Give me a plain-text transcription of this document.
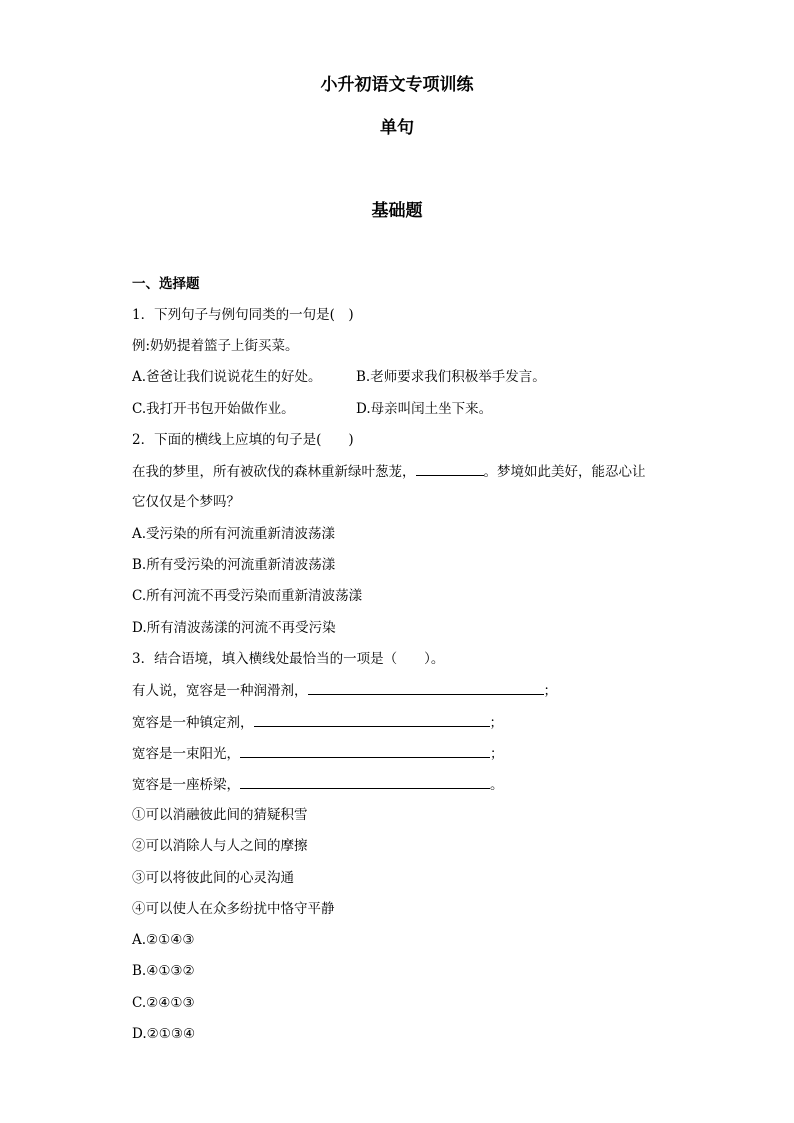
小升初语文专项训练
单句
基础题
一、选择题
1．下列句子与例句同类的一句是(　)
例:奶奶提着篮子上街买菜。
A.爸爸让我们说说花生的好处。	B.老师要求我们积极举手发言。
C.我打开书包开始做作业。	D.母亲叫闰土坐下来。
2．下面的横线上应填的句子是(　　)
在我的梦里，所有被砍伐的森林重新绿叶葱茏，	。梦境如此美好，能忍心让
它仅仅是个梦吗？
A.受污染的所有河流重新清波荡漾
B.所有受污染的河流重新清波荡漾
C.所有河流不再受污染而重新清波荡漾
D.所有清波荡漾的河流不再受污染
3．结合语境，填入横线处最恰当的一项是（　　）。
有人说，宽容是一种润滑剂，	；
宽容是一种镇定剂，	；
宽容是一束阳光，	；
宽容是一座桥梁，	。
①可以消融彼此间的猜疑积雪
②可以消除人与人之间的摩擦
③可以将彼此间的心灵沟通
④可以使人在众多纷扰中恪守平静
A.②①④③
B.④①③②
C.②④①③
D.②①③④
